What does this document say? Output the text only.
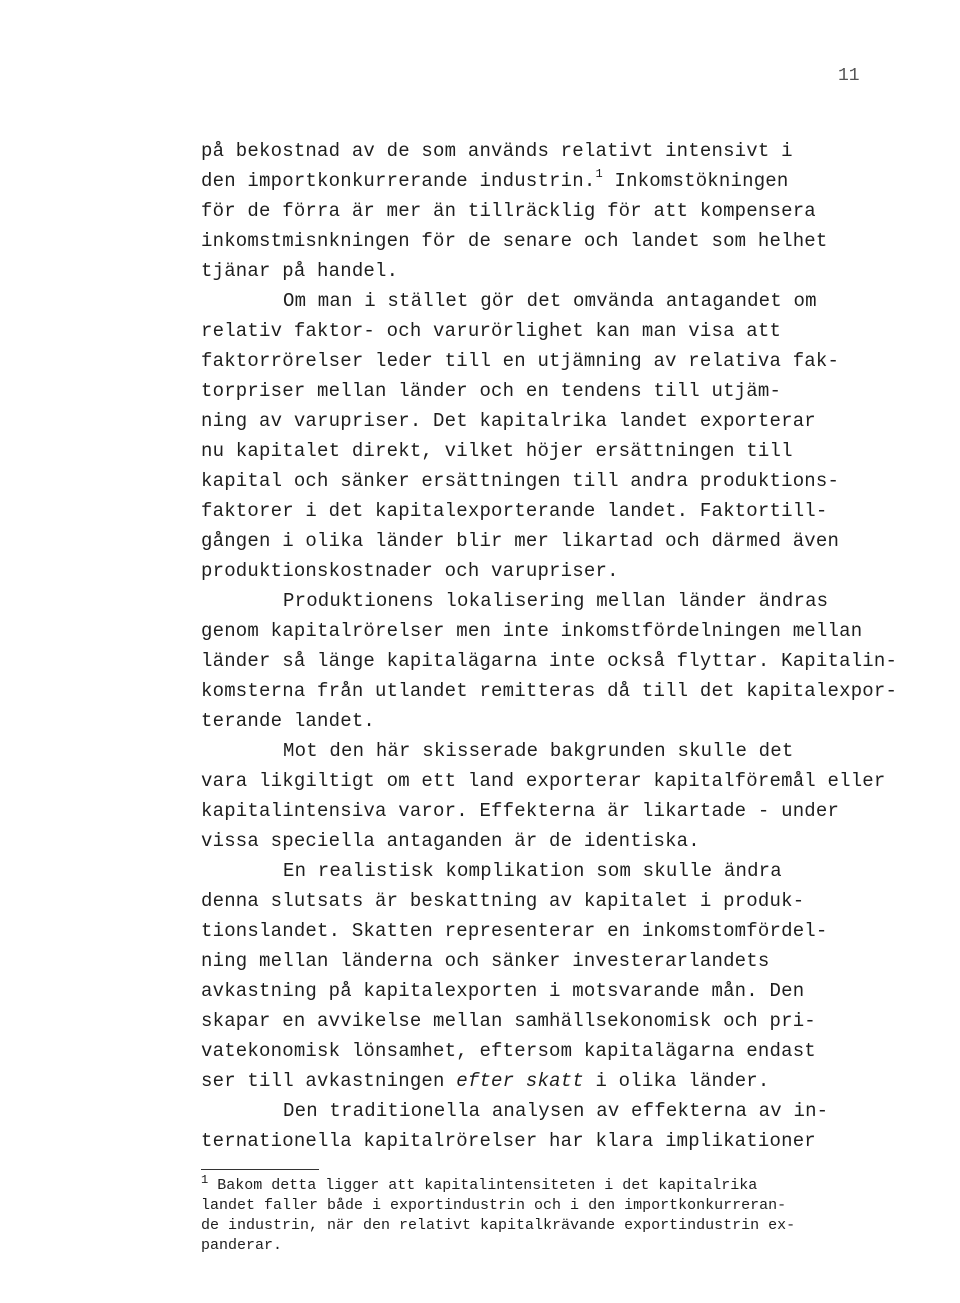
11
på bekostnad av de som används relativt intensivt i
den importkonkurrerande industrin.$^1$ Inkomstökningen
för de förra är mer än tillräcklig för att kompensera
inkomstmisnkningen för de senare och landet som helhet
tjänar på handel.
Om man i stället gör det omvända antagandet om
relativ faktor- och varurörlighet kan man visa att
faktorrörelser leder till en utjämning av relativa fak-
torpriser mellan länder och en tendens till utjäm-
ning av varupriser. Det kapitalrika landet exporterar
nu kapitalet direkt, vilket höjer ersättningen till
kapital och sänker ersättningen till andra produktions-
faktorer i det kapitalexporterande landet. Faktortill-
gången i olika länder blir mer likartad och därmed även
produktionskostnader och varupriser.
Produktionens lokalisering mellan länder ändras
genom kapitalrörelser men inte inkomstfördelningen mellan
länder så länge kapitalägarna inte också flyttar. Kapitalin-
komsterna från utlandet remitteras då till det kapitalexpor-
terande landet.
Mot den här skisserade bakgrunden skulle det
vara likgiltigt om ett land exporterar kapitalföremål eller
kapitalintensiva varor. Effekterna är likartade - under
vissa speciella antaganden är de identiska.
En realistisk komplikation som skulle ändra
denna slutsats är beskattning av kapitalet i produk-
tionslandet. Skatten representerar en inkomstomfördel-
ning mellan länderna och sänker investerarlandets
avkastning på kapitalexporten i motsvarande mån. Den
skapar en avvikelse mellan samhällsekonomisk och pri-
vatekonomisk lönsamhet, eftersom kapitalägarna endast
ser till avkastningen efter skatt i olika länder.
Den traditionella analysen av effekterna av in-
ternationella kapitalrörelser har klara implikationer
$^1$ Bakom detta ligger att kapitalintensiteten i det kapitalrika
landet faller både i exportindustrin och i den importkonkurreran-
de industrin, när den relativt kapitalkrävande exportindustrin ex-
panderar.
